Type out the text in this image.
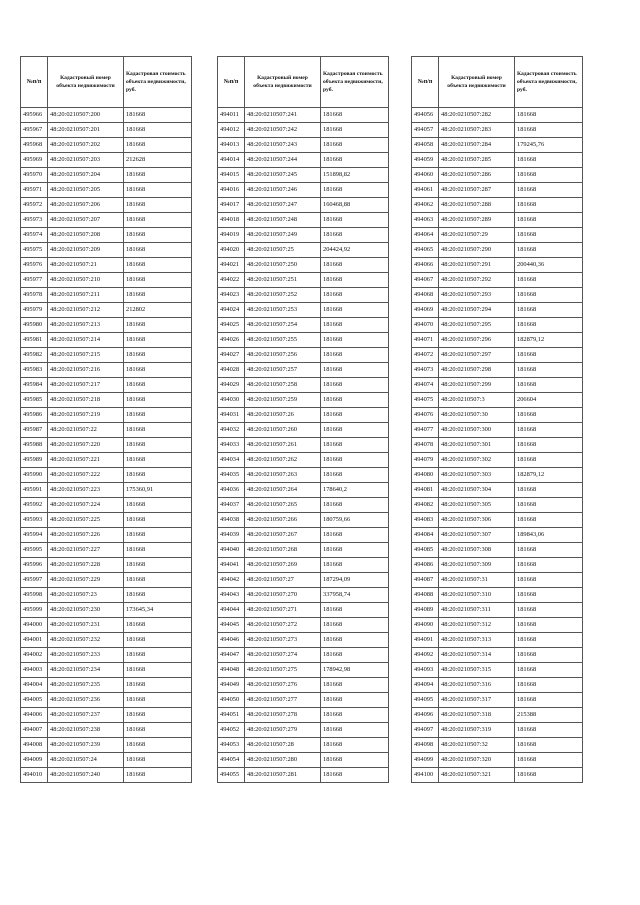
№п/п	Кадастровый номер объекта недвижимости	Кадастровая стоимость объекта недвижимости, руб.
495966	48:20:0210507:200	181668
495967	48:20:0210507:201	181668
495968	48:20:0210507:202	181668
495969	48:20:0210507:203	212628
495970	48:20:0210507:204	181668
495971	48:20:0210507:205	181668
495972	48:20:0210507:206	181668
495973	48:20:0210507:207	181668
495974	48:20:0210507:208	181668
495975	48:20:0210507:209	181668
495976	48:20:0210507:21	181668
495977	48:20:0210507:210	181668
495978	48:20:0210507:211	181668
495979	48:20:0210507:212	212802
495980	48:20:0210507:213	181668
495981	48:20:0210507:214	181668
495982	48:20:0210507:215	181668
495983	48:20:0210507:216	181668
495984	48:20:0210507:217	181668
495985	48:20:0210507:218	181668
495986	48:20:0210507:219	181668
495987	48:20:0210507:22	181668
495988	48:20:0210507:220	181668
495989	48:20:0210507:221	181668
495990	48:20:0210507:222	181668
495991	48:20:0210507:223	175360,91
495992	48:20:0210507:224	181668
495993	48:20:0210507:225	181668
495994	48:20:0210507:226	181668
495995	48:20:0210507:227	181668
495996	48:20:0210507:228	181668
495997	48:20:0210507:229	181668
495998	48:20:0210507:23	181668
495999	48:20:0210507:230	173645,34
494000	48:20:0210507:231	181668
494001	48:20:0210507:232	181668
494002	48:20:0210507:233	181668
494003	48:20:0210507:234	181668
494004	48:20:0210507:235	181668
494005	48:20:0210507:236	181668
494006	48:20:0210507:237	181668
494007	48:20:0210507:238	181668
494008	48:20:0210507:239	181668
494009	48:20:0210507:24	181668
494010	48:20:0210507:240	181668
№п/п	Кадастровый номер объекта недвижимости	Кадастровая стоимость объекта недвижимости, руб.
494011	48:20:0210507:241	181668
494012	48:20:0210507:242	181668
494013	48:20:0210507:243	181668
494014	48:20:0210507:244	181668
494015	48:20:0210507:245	151898,82
494016	48:20:0210507:246	181668
494017	48:20:0210507:247	160468,88
494018	48:20:0210507:248	181668
494019	48:20:0210507:249	181668
494020	48:20:0210507:25	204424,92
494021	48:20:0210507:250	181668
494022	48:20:0210507:251	181668
494023	48:20:0210507:252	181668
494024	48:20:0210507:253	181668
494025	48:20:0210507:254	181668
494026	48:20:0210507:255	181668
494027	48:20:0210507:256	181668
494028	48:20:0210507:257	181668
494029	48:20:0210507:258	181668
494030	48:20:0210507:259	181668
494031	48:20:0210507:26	181668
494032	48:20:0210507:260	181668
494033	48:20:0210507:261	181668
494034	48:20:0210507:262	181668
494035	48:20:0210507:263	181668
494036	48:20:0210507:264	178640,2
494037	48:20:0210507:265	181668
494038	48:20:0210507:266	180759,66
494039	48:20:0210507:267	181668
494040	48:20:0210507:268	181668
494041	48:20:0210507:269	181668
494042	48:20:0210507:27	187294,09
494043	48:20:0210507:270	337958,74
494044	48:20:0210507:271	181668
494045	48:20:0210507:272	181668
494046	48:20:0210507:273	181668
494047	48:20:0210507:274	181668
494048	48:20:0210507:275	178942,98
494049	48:20:0210507:276	181668
494050	48:20:0210507:277	181668
494051	48:20:0210507:278	181668
494052	48:20:0210507:279	181668
494053	48:20:0210507:28	181668
494054	48:20:0210507:280	181668
494055	48:20:0210507:281	181668
№п/п	Кадастровый номер объекта недвижимости	Кадастровая стоимость объекта недвижимости, руб.
494056	48:20:0210507:282	181668
494057	48:20:0210507:283	181668
494058	48:20:0210507:284	179245,76
494059	48:20:0210507:285	181668
494060	48:20:0210507:286	181668
494061	48:20:0210507:287	181668
494062	48:20:0210507:288	181668
494063	48:20:0210507:289	181668
494064	48:20:0210507:29	181668
494065	48:20:0210507:290	181668
494066	48:20:0210507:291	200440,36
494067	48:20:0210507:292	181668
494068	48:20:0210507:293	181668
494069	48:20:0210507:294	181668
494070	48:20:0210507:295	181668
494071	48:20:0210507:296	182879,12
494072	48:20:0210507:297	181668
494073	48:20:0210507:298	181668
494074	48:20:0210507:299	181668
494075	48:20:0210507:3	206604
494076	48:20:0210507:30	181668
494077	48:20:0210507:300	181668
494078	48:20:0210507:301	181668
494079	48:20:0210507:302	181668
494080	48:20:0210507:303	182879,12
494081	48:20:0210507:304	181668
494082	48:20:0210507:305	181668
494083	48:20:0210507:306	181668
494084	48:20:0210507:307	189843,06
494085	48:20:0210507:308	181668
494086	48:20:0210507:309	181668
494087	48:20:0210507:31	181668
494088	48:20:0210507:310	181668
494089	48:20:0210507:311	181668
494090	48:20:0210507:312	181668
494091	48:20:0210507:313	181668
494092	48:20:0210507:314	181668
494093	48:20:0210507:315	181668
494094	48:20:0210507:316	181668
494095	48:20:0210507:317	181668
494096	48:20:0210507:318	215388
494097	48:20:0210507:319	181668
494098	48:20:0210507:32	181668
494099	48:20:0210507:320	181668
494100	48:20:0210507:321	181668
